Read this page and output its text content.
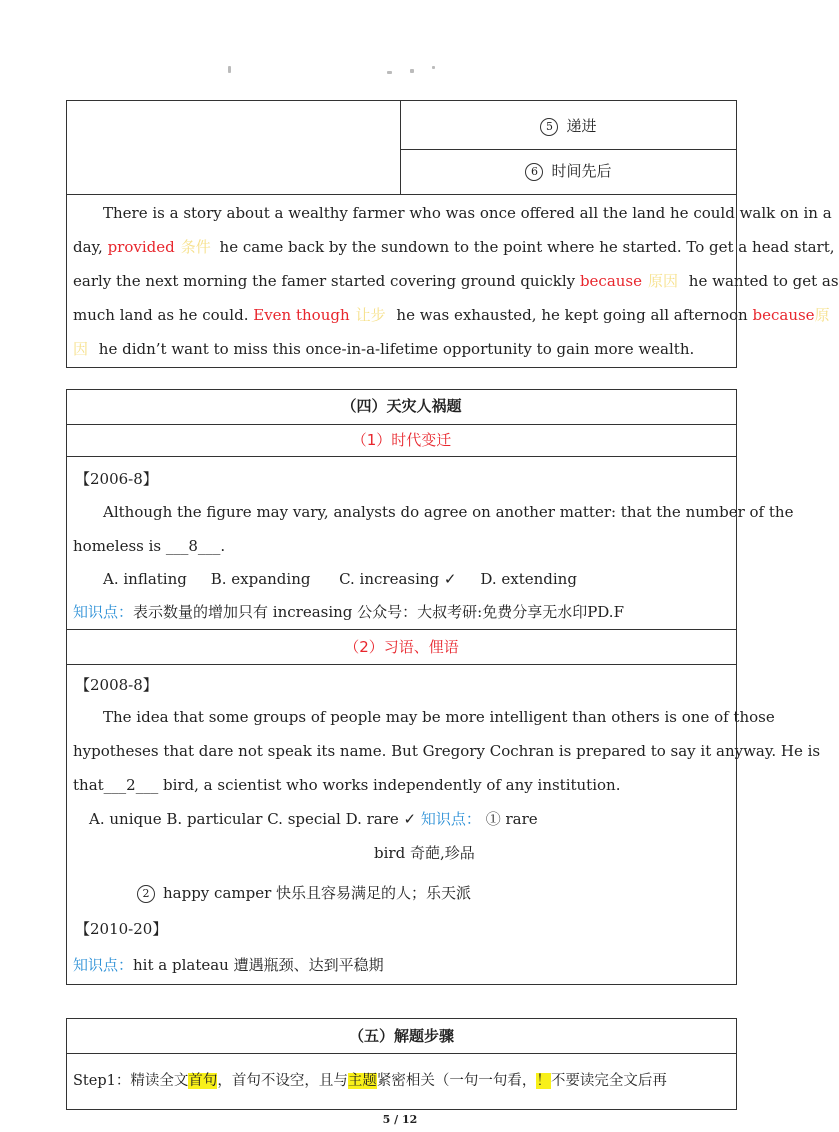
5 递进
6 时间先后
There is a story about a wealthy farmer who was once offered all the land he could walk on in a
day, provided 条件 he came back by the sundown to the point where he started. To get a head start,
early the next morning the famer started covering ground quickly because 原因 he wanted to get as
much land as he could. Even though 让步 he was exhausted, he kept going all afternoon because原
因 he didn’t want to miss this once-in-a-lifetime opportunity to gain more wealth.
（四）天灾人祸题
（1）时代变迁
【2006-8】
Although the figure may vary, analysts do agree on another matter: that the number of the
homeless is ___8___.
A. inflating     B. expanding      C. increasing ✓     D. extending
知识点：表示数量的增加只有 increasing 公众号：大叔考研:免费分享无水印PD.F
（2）习语、俚语
【2008-8】
The idea that some groups of people may be more intelligent than others is one of those
hypotheses that dare not speak its name. But Gregory Cochran is prepared to say it anyway. He is
that___2___ bird, a scientist who works independently of any institution.
A. unique B. particular C. special D. rare ✓ 知识点： ① rare
bird 奇葩,珍品
2 happy camper 快乐且容易满足的人；乐天派
【2010-20】
知识点：hit a plateau 遭遇瓶颈、达到平稳期
（五）解题步骤
Step1：精读全文首句，首句不设空，且与主题紧密相关（一句一句看，！不要读完全文后再
5 / 12
